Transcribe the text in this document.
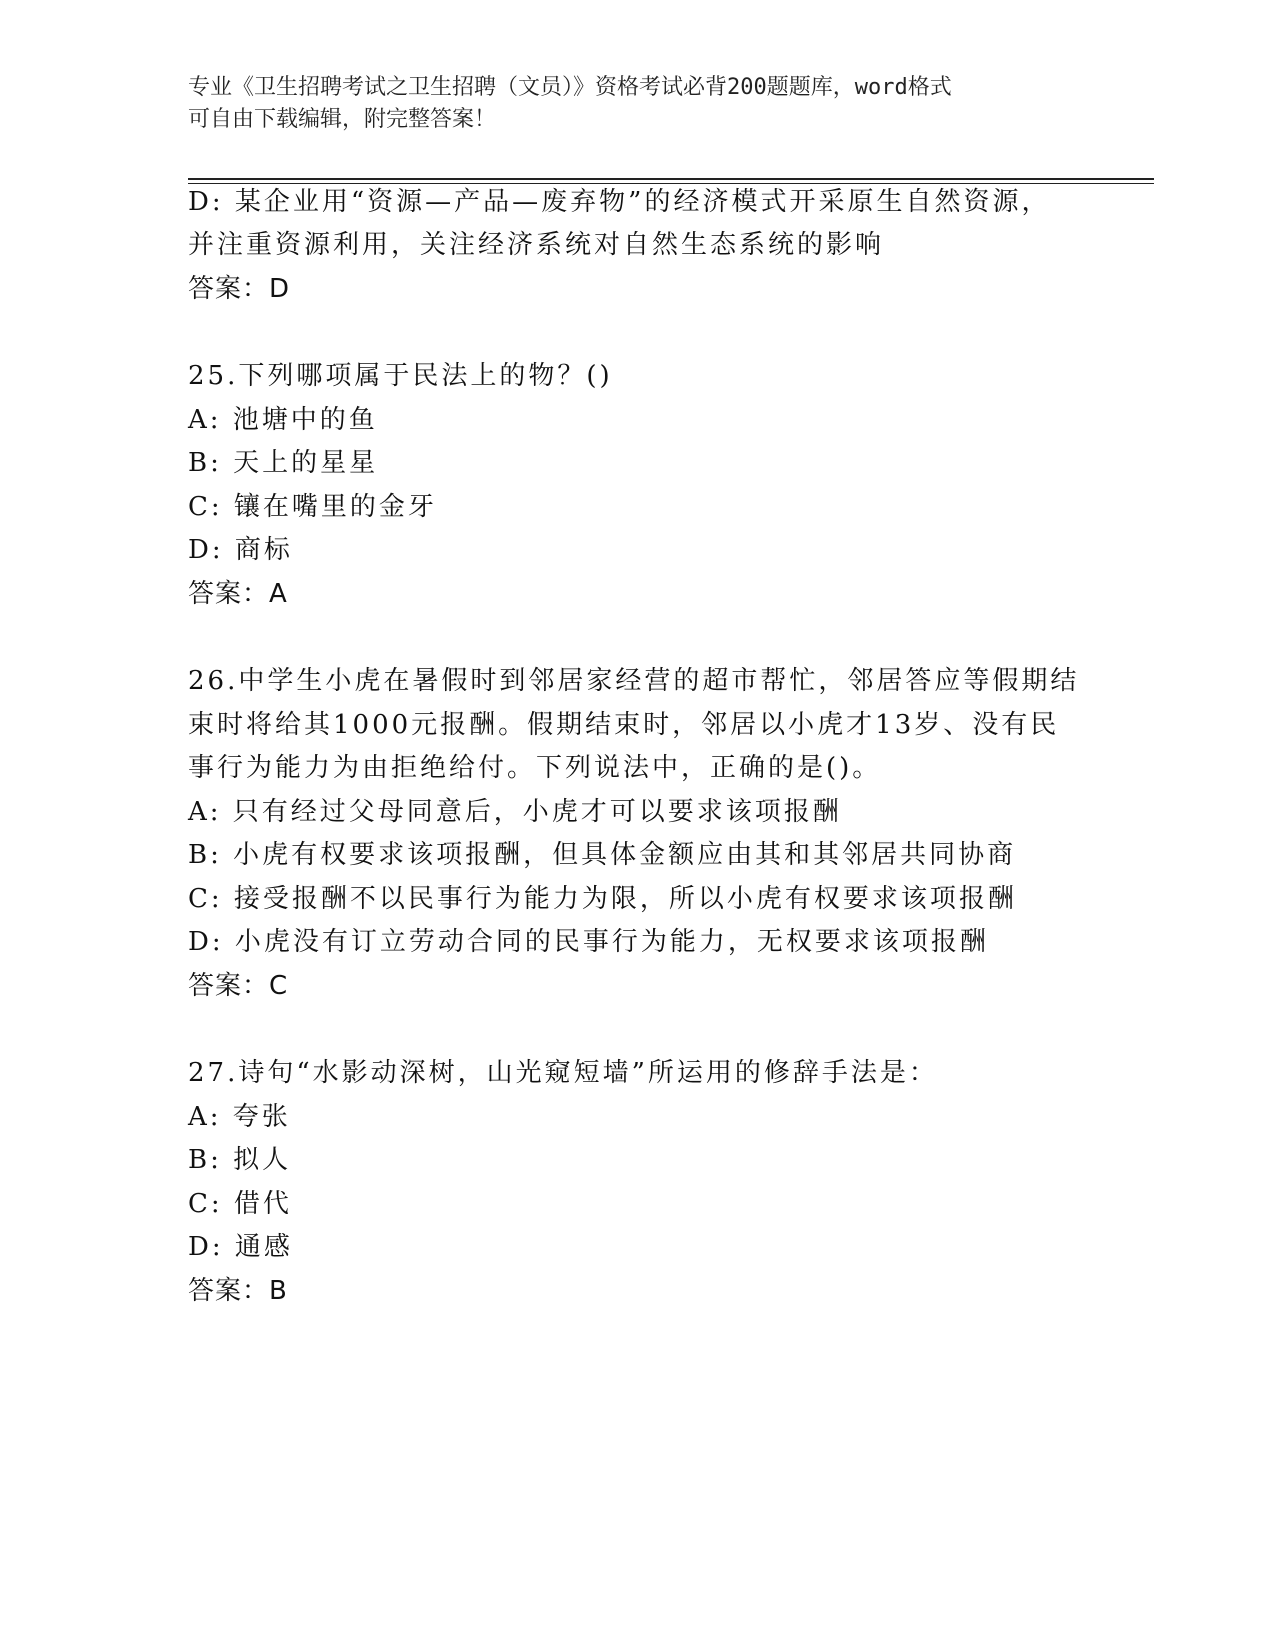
专业《卫生招聘考试之卫生招聘（文员）》资格考试必背200题题库，word格式
可自由下载编辑，附完整答案！
D: 某企业用“资源—产品—废弃物”的经济模式开采原生自然资源，
并注重资源利用，关注经济系统对自然生态系统的影响
答案：D
25.下列哪项属于民法上的物？()
A: 池塘中的鱼
B: 天上的星星
C: 镶在嘴里的金牙
D: 商标
答案：A
26.中学生小虎在暑假时到邻居家经营的超市帮忙，邻居答应等假期结
束时将给其1000元报酬。假期结束时，邻居以小虎才13岁、没有民
事行为能力为由拒绝给付。下列说法中，正确的是()。
A: 只有经过父母同意后，小虎才可以要求该项报酬
B: 小虎有权要求该项报酬，但具体金额应由其和其邻居共同协商
C: 接受报酬不以民事行为能力为限，所以小虎有权要求该项报酬
D: 小虎没有订立劳动合同的民事行为能力，无权要求该项报酬
答案：C
27.诗句“水影动深树，山光窥短墙”所运用的修辞手法是：
A: 夸张
B: 拟人
C: 借代
D: 通感
答案：B
